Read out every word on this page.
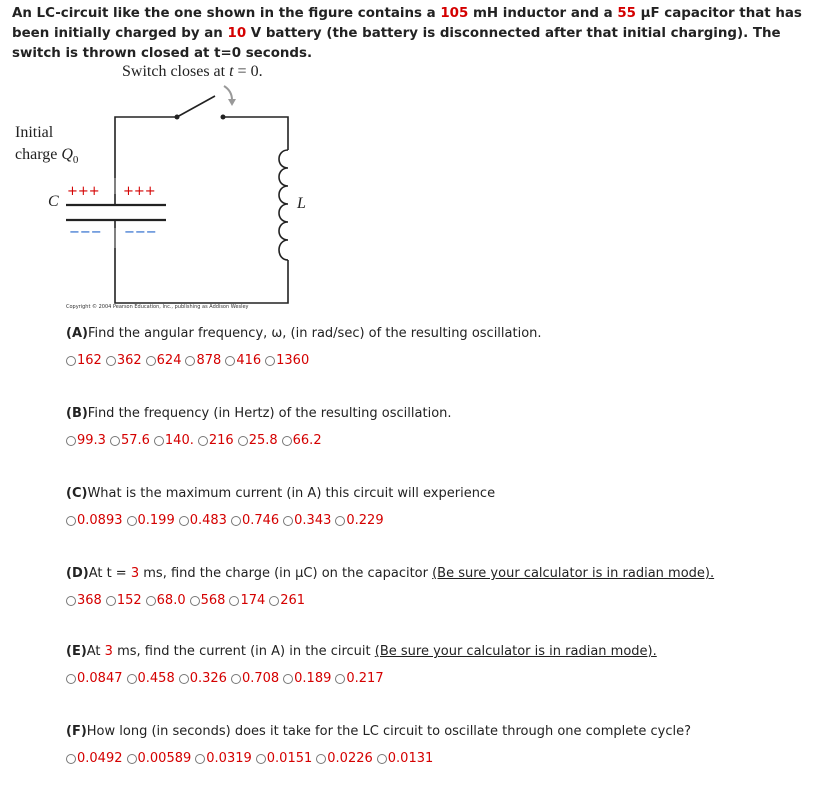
An LC-circuit like the one shown in the figure contains a 105 mH inductor and a 55 μF capacitor that has been initially charged by an 10 V battery (the battery is disconnected after that initial charging). The switch is thrown closed at t=0 seconds.
Switch closes at t = 0.
Initial
charge $Q_0$
+++ +++
−−− −−−
C	L
Copyright © 2004 Pearson Education, Inc., publishing as Addison Wesley
(A)Find the angular frequency, ω, (in rad/sec) of the resulting oscillation.
162 362 624 878 416 1360
(B)Find the frequency (in Hertz) of the resulting oscillation.
99.3 57.6 140. 216 25.8 66.2
(C)What is the maximum current (in A) this circuit will experience
0.0893 0.199 0.483 0.746 0.343 0.229
(D)At t = 3 ms, find the charge (in μC) on the capacitor (Be sure your calculator is in radian mode).
368 152 68.0 568 174 261
(E)At 3 ms, find the current (in A) in the circuit (Be sure your calculator is in radian mode).
0.0847 0.458 0.326 0.708 0.189 0.217
(F)How long (in seconds) does it take for the LC circuit to oscillate through one complete cycle?
0.0492 0.00589 0.0319 0.0151 0.0226 0.0131
